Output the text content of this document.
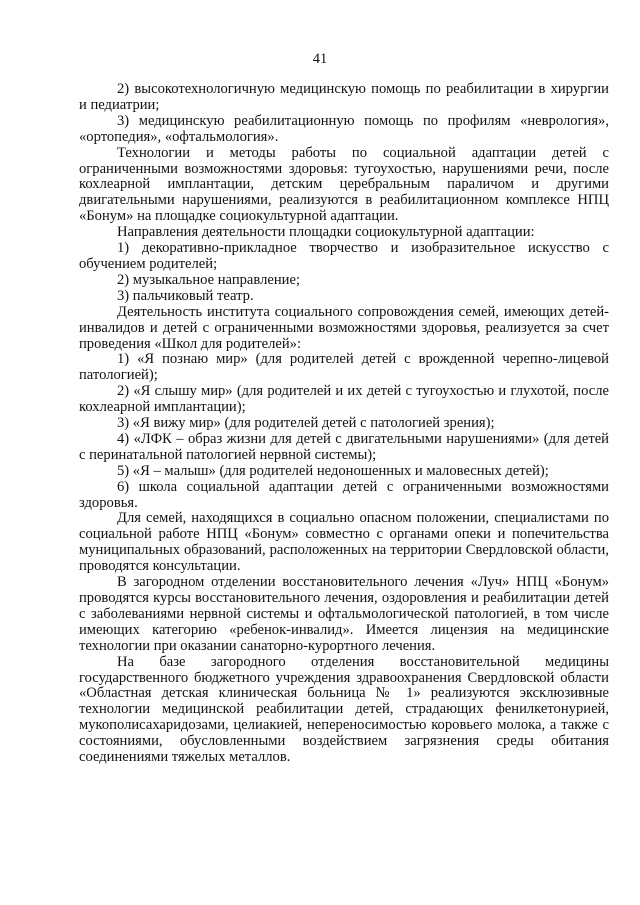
41

2) высокотехнологичную медицинскую помощь по реабилитации в хирургии и педиатрии;

3) медицинскую реабилитационную помощь по профилям «неврология», «ортопедия», «офтальмология».

Технологии и методы работы по социальной адаптации детей с ограниченными возможностями здоровья: тугоухостью, нарушениями речи, после кохлеарной имплантации, детским церебральным параличом и другими двигательными нарушениями, реализуются в реабилитационном комплексе НПЦ «Бонум» на площадке социокультурной адаптации.

Направления деятельности площадки социокультурной адаптации:

1) декоративно-прикладное творчество и изобразительное искусство с обучением родителей;

2) музыкальное направление;

3) пальчиковый театр.

Деятельность института социального сопровождения семей, имеющих детей-инвалидов и детей с ограниченными возможностями здоровья, реализуется за счет проведения «Школ для родителей»:

1) «Я познаю мир» (для родителей детей с врожденной черепно-лицевой патологией);

2) «Я слышу мир» (для родителей и их детей с тугоухостью и глухотой, после кохлеарной имплантации);

3) «Я вижу мир» (для родителей детей с патологией зрения);

4) «ЛФК – образ жизни для детей с двигательными нарушениями» (для детей с перинатальной патологией нервной системы);

5) «Я – малыш» (для родителей недоношенных и маловесных детей);

6) школа социальной адаптации детей с ограниченными возможностями здоровья.

Для семей, находящихся в социально опасном положении, специалистами по социальной работе НПЦ «Бонум» совместно с органами опеки и попечительства муниципальных образований, расположенных на территории Свердловской области, проводятся консультации.

В загородном отделении восстановительного лечения «Луч» НПЦ «Бонум» проводятся курсы восстановительного лечения, оздоровления и реабилитации детей с заболеваниями нервной системы и офтальмологической патологией, в том числе имеющих категорию «ребенок-инвалид». Имеется лицензия на медицинские технологии при оказании санаторно-курортного лечения.

На базе загородного отделения восстановительной медицины государственного бюджетного учреждения здравоохранения Свердловской области «Областная детская клиническая больница № 1» реализуются эксклюзивные технологии медицинской реабилитации детей, страдающих фенилкетонурией, мукополисахаридозами, целиакией, непереносимостью коровьего молока, а также с состояниями, обусловленными воздействием загрязнения среды обитания соединениями тяжелых металлов.
